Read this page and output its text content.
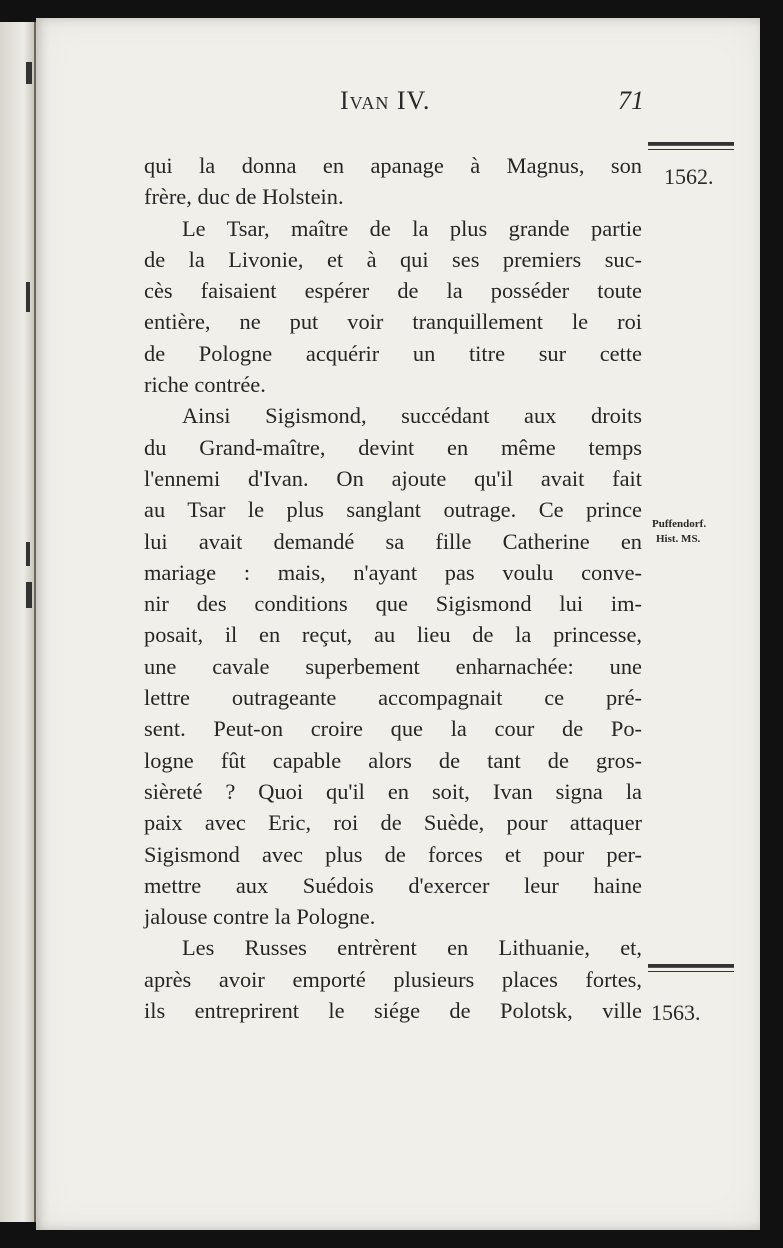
Ivan IV.	71

qui la donna en apanage à Magnus, son

frère, duc de Holstein.

Le Tsar, maître de la plus grande partie

de la Livonie, et à qui ses premiers suc-

cès faisaient espérer de la posséder toute

entière, ne put voir tranquillement le roi

de Pologne acquérir un titre sur cette

riche contrée.

Ainsi Sigismond, succédant aux droits

du Grand-maître, devint en même temps

l'ennemi d'Ivan. On ajoute qu'il avait fait

au Tsar le plus sanglant outrage. Ce prince

lui avait demandé sa fille Catherine en

mariage : mais, n'ayant pas voulu conve-

nir des conditions que Sigismond lui im-

posait, il en reçut, au lieu de la princesse,

une cavale superbement enharnachée: une

lettre outrageante accompagnait ce pré-

sent. Peut-on croire que la cour de Po-

logne fût capable alors de tant de gros-

sièreté ? Quoi qu'il en soit, Ivan signa la

paix avec Eric, roi de Suède, pour attaquer

Sigismond avec plus de forces et pour per-

mettre aux Suédois d'exercer leur haine

jalouse contre la Pologne.

Les Russes entrèrent en Lithuanie, et,

après avoir emporté plusieurs places fortes,

ils entreprirent le siége de Polotsk, ville

1562.
Puffendorf.
Hist. MS.
1563.
